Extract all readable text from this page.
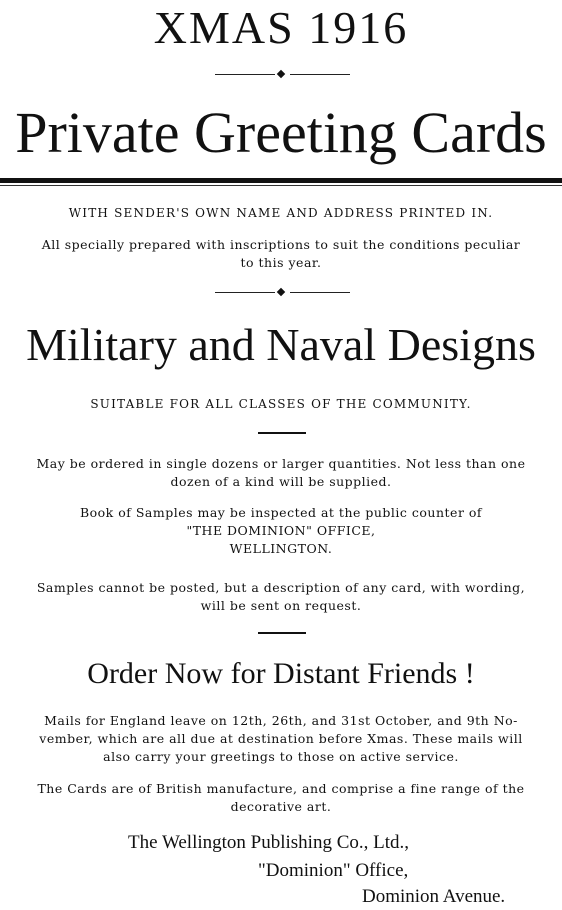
XMAS 1916
Private Greeting Cards
WITH SENDER'S OWN NAME AND ADDRESS PRINTED IN.
All specially prepared with inscriptions to suit the conditions peculiar
to this year.
Military and Naval Designs
SUITABLE FOR ALL CLASSES OF THE COMMUNITY.
May be ordered in single dozens or larger quantities. Not less than one
dozen of a kind will be supplied.
Book of Samples may be inspected at the public counter of
"THE DOMINION" OFFICE,
WELLINGTON.
Samples cannot be posted, but a description of any card, with wording,
will be sent on request.
Order Now for Distant Friends !
Mails for England leave on 12th, 26th, and 31st October, and 9th No-
vember, which are all due at destination before Xmas. These mails will
also carry your greetings to those on active service.
The Cards are of British manufacture, and comprise a fine range of the
decorative art.
The Wellington Publishing Co., Ltd.,
"Dominion" Office,
Dominion Avenue.
